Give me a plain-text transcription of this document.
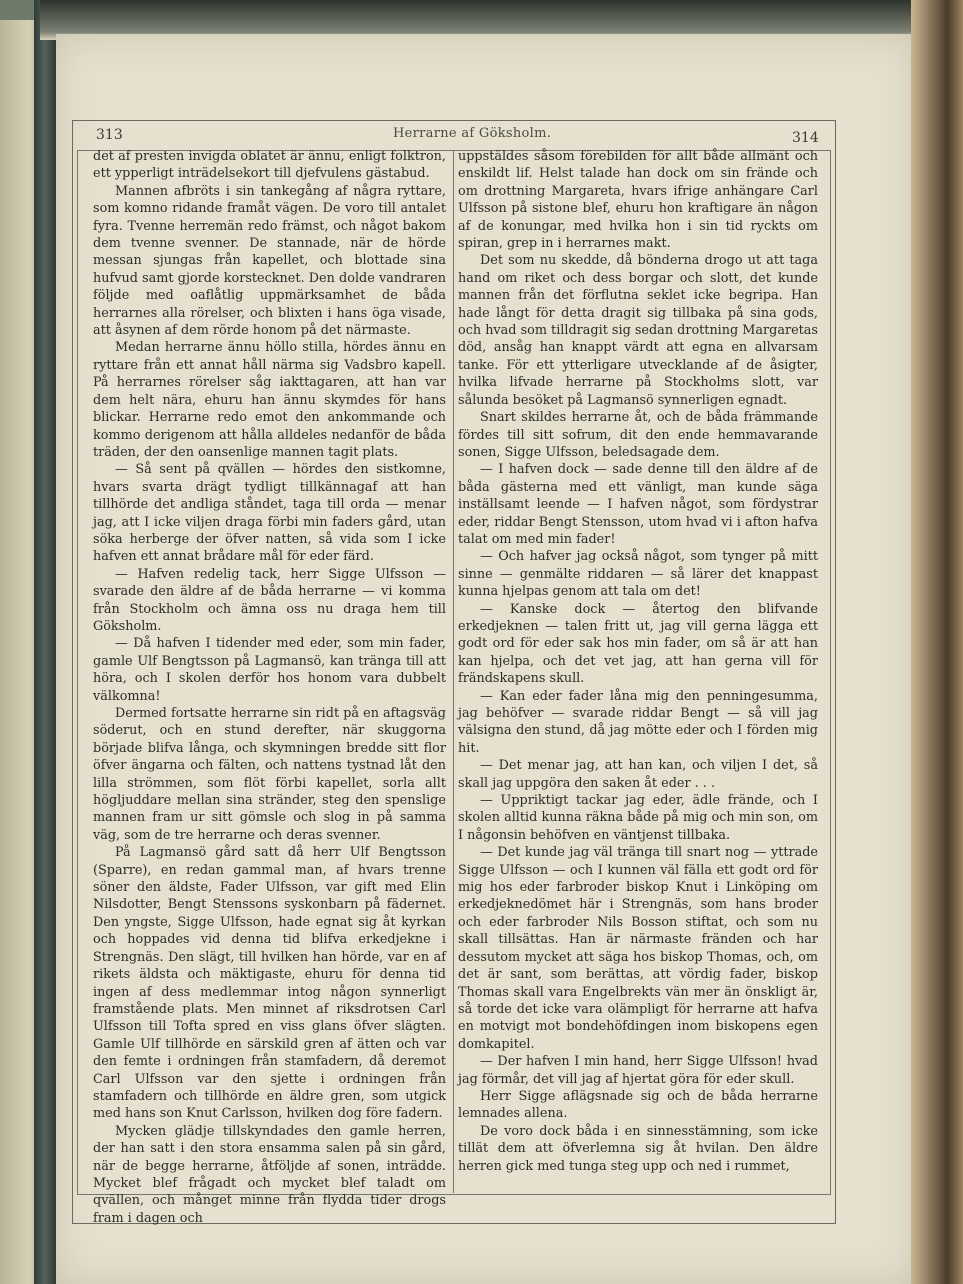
313	Herrarne af Göksholm.	314

det af presten invigda oblatet är ännu, enligt folktron, ett ypperligt inträdelsekort till djefvulens gästabud.

Mannen afbröts i sin tankegång af några ryttare, som komno ridande framåt vägen. De voro till antalet fyra. Tvenne herremän redo främst, och något bakom dem tvenne svenner. De stannade, när de hörde messan sjungas från kapellet, och blottade sina hufvud samt gjorde korstecknet. Den dolde vandraren följde med oaflåtlig uppmärksamhet de båda herrarnes alla rörelser, och blixten i hans öga visade, att åsynen af dem rörde honom på det närmaste.

Medan herrarne ännu höllo stilla, hördes ännu en ryttare från ett annat håll närma sig Vadsbro kapell. På herrarnes rörelser såg iakttagaren, att han var dem helt nära, ehuru han ännu skymdes för hans blickar. Herrarne redo emot den ankommande och kommo derigenom att hålla alldeles nedanför de båda träden, der den oansenlige mannen tagit plats.

— Så sent på qvällen — hördes den sistkomne, hvars svarta drägt tydligt tillkännagaf att han tillhörde det andliga ståndet, taga till orda — menar jag, att I icke viljen draga förbi min faders gård, utan söka herberge der öfver natten, så vida som I icke hafven ett annat brådare mål för eder färd.

— Hafven redelig tack, herr Sigge Ulfsson — svarade den äldre af de båda herrarne — vi komma från Stockholm och ämna oss nu draga hem till Göksholm.

— Då hafven I tidender med eder, som min fader, gamle Ulf Bengtsson på Lagmansö, kan tränga till att höra, och I skolen derför hos honom vara dubbelt välkomna!

Dermed fortsatte herrarne sin ridt på en aftagsväg söderut, och en stund derefter, när skuggorna började blifva långa, och skymningen bredde sitt flor öfver ängarna och fälten, och nattens tystnad låt den lilla strömmen, som flöt förbi kapellet, sorla allt högljuddare mellan sina stränder, steg den spenslige mannen fram ur sitt gömsle och slog in på samma väg, som de tre herrarne och deras svenner.

På Lagmansö gård satt då herr Ulf Bengtsson (Sparre), en redan gammal man, af hvars trenne söner den äldste, Fader Ulfsson, var gift med Elin Nilsdotter, Bengt Stenssons syskonbarn på fädernet. Den yngste, Sigge Ulfsson, hade egnat sig åt kyrkan och hoppades vid denna tid blifva erkedjekne i Strengnäs. Den slägt, till hvilken han hörde, var en af rikets äldsta och mäktigaste, ehuru för denna tid ingen af dess medlemmar intog någon synnerligt framstående plats. Men minnet af riksdrotsen Carl Ulfsson till Tofta spred en viss glans öfver slägten. Gamle Ulf tillhörde en särskild gren af ätten och var den femte i ordningen från stamfadern, då deremot Carl Ulfsson var den sjette i ordningen från stamfadern och tillhörde en äldre gren, som utgick med hans son Knut Carlsson, hvilken dog före fadern.

Mycken glädje tillskyndades den gamle herren, der han satt i den stora ensamma salen på sin gård, när de begge herrarne, åtföljde af sonen, inträdde. Mycket blef frågadt och mycket blef taladt om qvällen, och månget minne från flydda tider drogs fram i dagen och

uppstäldes såsom förebilden för allt både allmänt och enskildt lif. Helst talade han dock om sin frände och om drottning Margareta, hvars ifrige anhängare Carl Ulfsson på sistone blef, ehuru hon kraftigare än någon af de konungar, med hvilka hon i sin tid ryckts om spiran, grep in i herrarnes makt.

Det som nu skedde, då bönderna drogo ut att taga hand om riket och dess borgar och slott, det kunde mannen från det förflutna seklet icke begripa. Han hade långt för detta dragit sig tillbaka på sina gods, och hvad som tilldragit sig sedan drottning Margaretas död, ansåg han knappt värdt att egna en allvarsam tanke. För ett ytterligare utvecklande af de åsigter, hvilka lifvade herrarne på Stockholms slott, var sålunda besöket på Lagmansö synnerligen egnadt.

Snart skildes herrarne åt, och de båda främmande fördes till sitt sofrum, dit den ende hemmavarande sonen, Sigge Ulfsson, beledsagade dem.

— I hafven dock — sade denne till den äldre af de båda gästerna med ett vänligt, man kunde säga inställsamt leende — I hafven något, som fördystrar eder, riddar Bengt Stensson, utom hvad vi i afton hafva talat om med min fader!

— Och hafver jag också något, som tynger på mitt sinne — genmälte riddaren — så lärer det knappast kunna hjelpas genom att tala om det!

— Kanske dock — återtog den blifvande erkedjeknen — talen fritt ut, jag vill gerna lägga ett godt ord för eder sak hos min fader, om så är att han kan hjelpa, och det vet jag, att han gerna vill för frändskapens skull.

— Kan eder fader låna mig den penningesumma, jag behöfver — svarade riddar Bengt — så vill jag välsigna den stund, då jag mötte eder och I förden mig hit.

— Det menar jag, att han kan, och viljen I det, så skall jag uppgöra den saken åt eder . . .

— Uppriktigt tackar jag eder, ädle frände, och I skolen alltid kunna räkna både på mig och min son, om I någonsin behöfven en väntjenst tillbaka.

— Det kunde jag väl tränga till snart nog — yttrade Sigge Ulfsson — och I kunnen väl fälla ett godt ord för mig hos eder farbroder biskop Knut i Linköping om erkedjeknedömet här i Strengnäs, som hans broder och eder farbroder Nils Bosson stiftat, och som nu skall tillsättas. Han är närmaste fränden och har dessutom mycket att säga hos biskop Thomas, och, om det är sant, som berättas, att vördig fader, biskop Thomas skall vara Engelbrekts vän mer än önskligt är, så torde det icke vara olämpligt för herrarne att hafva en motvigt mot bondehöfdingen inom biskopens egen domkapitel.

— Der hafven I min hand, herr Sigge Ulfsson! hvad jag förmår, det vill jag af hjertat göra för eder skull.

Herr Sigge aflägsnade sig och de båda herrarne lemnades allena.

De voro dock båda i en sinnesstämning, som icke tillät dem att öfverlemna sig åt hvilan. Den äldre herren gick med tunga steg upp och ned i rummet,
